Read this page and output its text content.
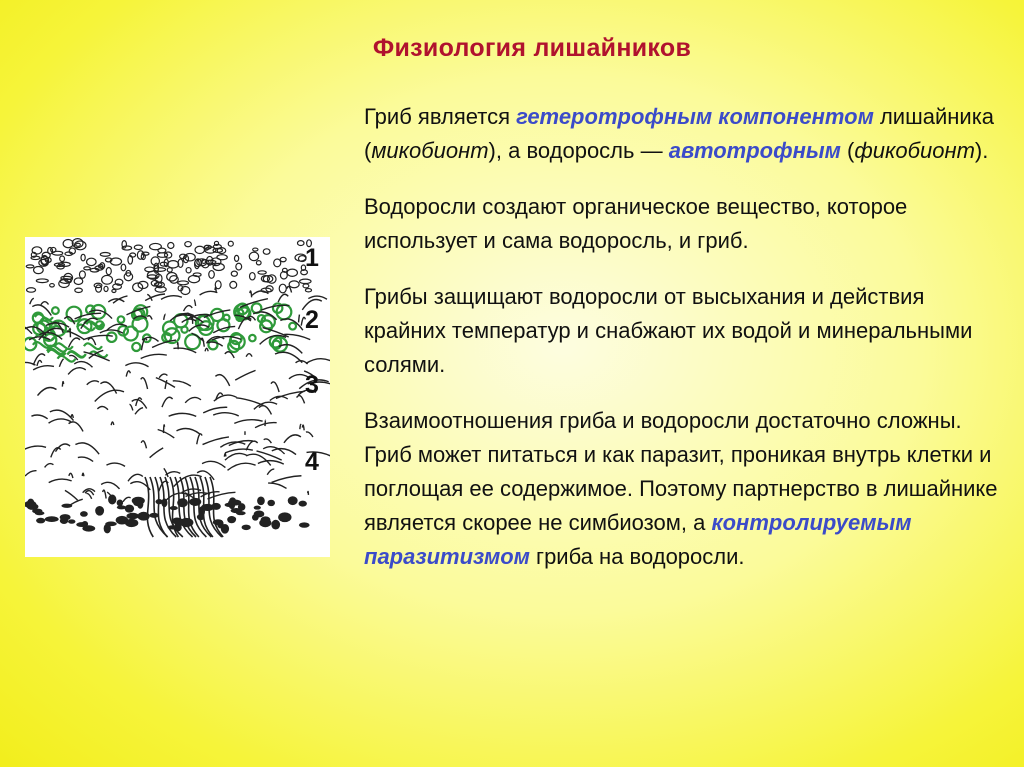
Физиология лишайников
1
2
3
4

Гриб является гетеротрофным компонентом лишайника (микобионт), а водоросль — автотрофным (фикобионт).

Водоросли создают органическое вещество, которое использует и сама водоросль, и гриб.

Грибы защищают водоросли от высыхания и действия крайних температур и снабжают их водой и минеральными солями.

Взаимоотношения гриба и водоросли достаточно сложны. Гриб может питаться и как паразит, проникая внутрь клетки и поглощая ее содержимое. Поэтому партнерство в лишайнике является скорее не симбиозом, а контролируемым паразитизмом гриба на водоросли.
